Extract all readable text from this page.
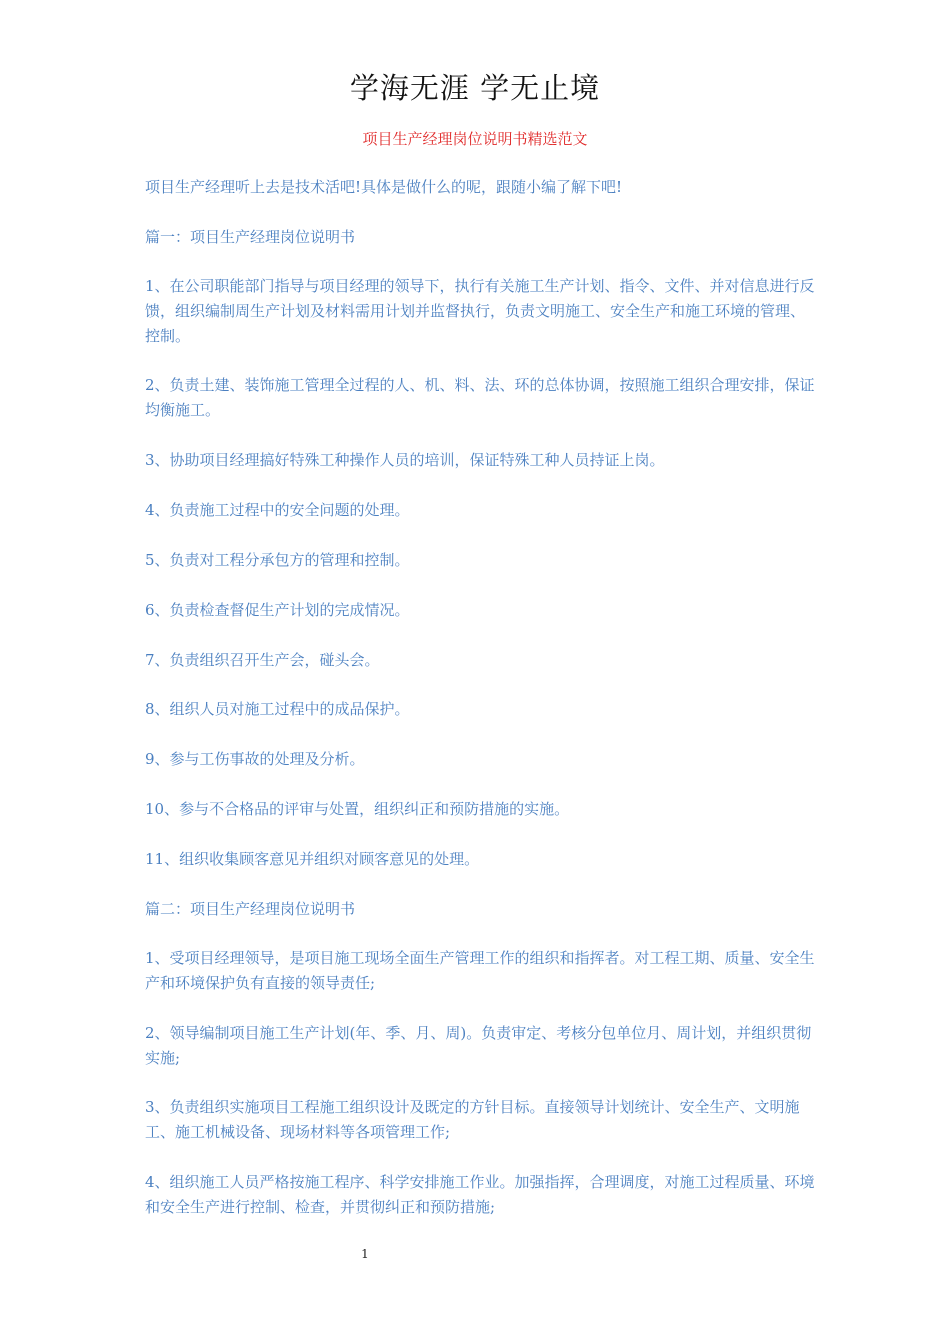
学海无涯 学无止境
项目生产经理岗位说明书精选范文

项目生产经理听上去是技术活吧!具体是做什么的呢，跟随小编了解下吧!

篇一：项目生产经理岗位说明书

1、在公司职能部门指导与项目经理的领导下，执行有关施工生产计划、指令、文件、并对信息进行反馈，组织编制周生产计划及材料需用计划并监督执行，负责文明施工、安全生产和施工环境的管理、控制。

2、负责土建、装饰施工管理全过程的人、机、料、法、环的总体协调，按照施工组织合理安排，保证均衡施工。

3、协助项目经理搞好特殊工种操作人员的培训，保证特殊工种人员持证上岗。

4、负责施工过程中的安全问题的处理。

5、负责对工程分承包方的管理和控制。

6、负责检查督促生产计划的完成情况。

7、负责组织召开生产会，碰头会。

8、组织人员对施工过程中的成品保护。

9、参与工伤事故的处理及分析。

10、参与不合格品的评审与处置，组织纠正和预防措施的实施。

11、组织收集顾客意见并组织对顾客意见的处理。

篇二：项目生产经理岗位说明书

1、受项目经理领导，是项目施工现场全面生产管理工作的组织和指挥者。对工程工期、质量、安全生产和环境保护负有直接的领导责任;

2、领导编制项目施工生产计划(年、季、月、周)。负责审定、考核分包单位月、周计划，并组织贯彻实施;

3、负责组织实施项目工程施工组织设计及既定的方针目标。直接领导计划统计、安全生产、文明施工、施工机械设备、现场材料等各项管理工作;

4、组织施工人员严格按施工程序、科学安排施工作业。加强指挥，合理调度，对施工过程质量、环境和安全生产进行控制、检查，并贯彻纠正和预防措施;

1
